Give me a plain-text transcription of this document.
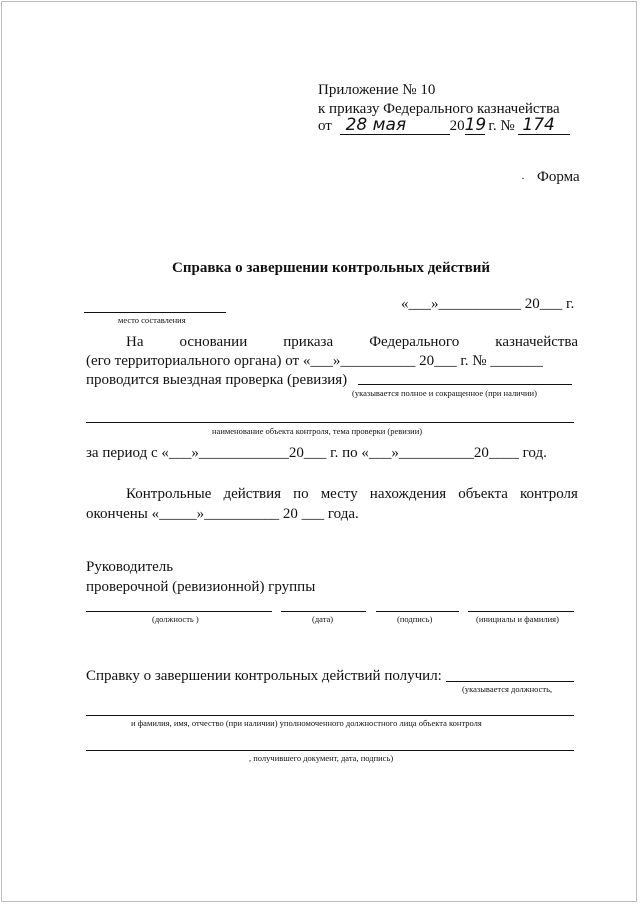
Приложение № 10
к приказу Федерального казначейства
от 28 мая	2019 г. № 174
· Форма
Справка о завершении контрольных действий
место составления
«___»___________ 20___ г.
На основании приказа Федерального казначейства
(его территориального органа) от «___»__________ 20___ г. № _______
проводится выездная проверка (ревизия)
(указывается полное и сокращенное (при наличии)
наименование объекта контроля, тема проверки (ревизии)
за период с «___»____________20___ г. по «___»__________20____ год.
Контрольные действия по месту нахождения объекта контроля
окончены «_____»__________ 20 ___ года.
Руководитель
проверочной (ревизионной) группы
(должность )	(дата)	(подпись)	(инициалы и фамилия)
Справку о завершении контрольных действий получил:
(указывается должность,
и фамилия, имя, отчество (при наличии) уполномоченного должностного лица объекта контроля
, получившего документ, дата, подпись)
